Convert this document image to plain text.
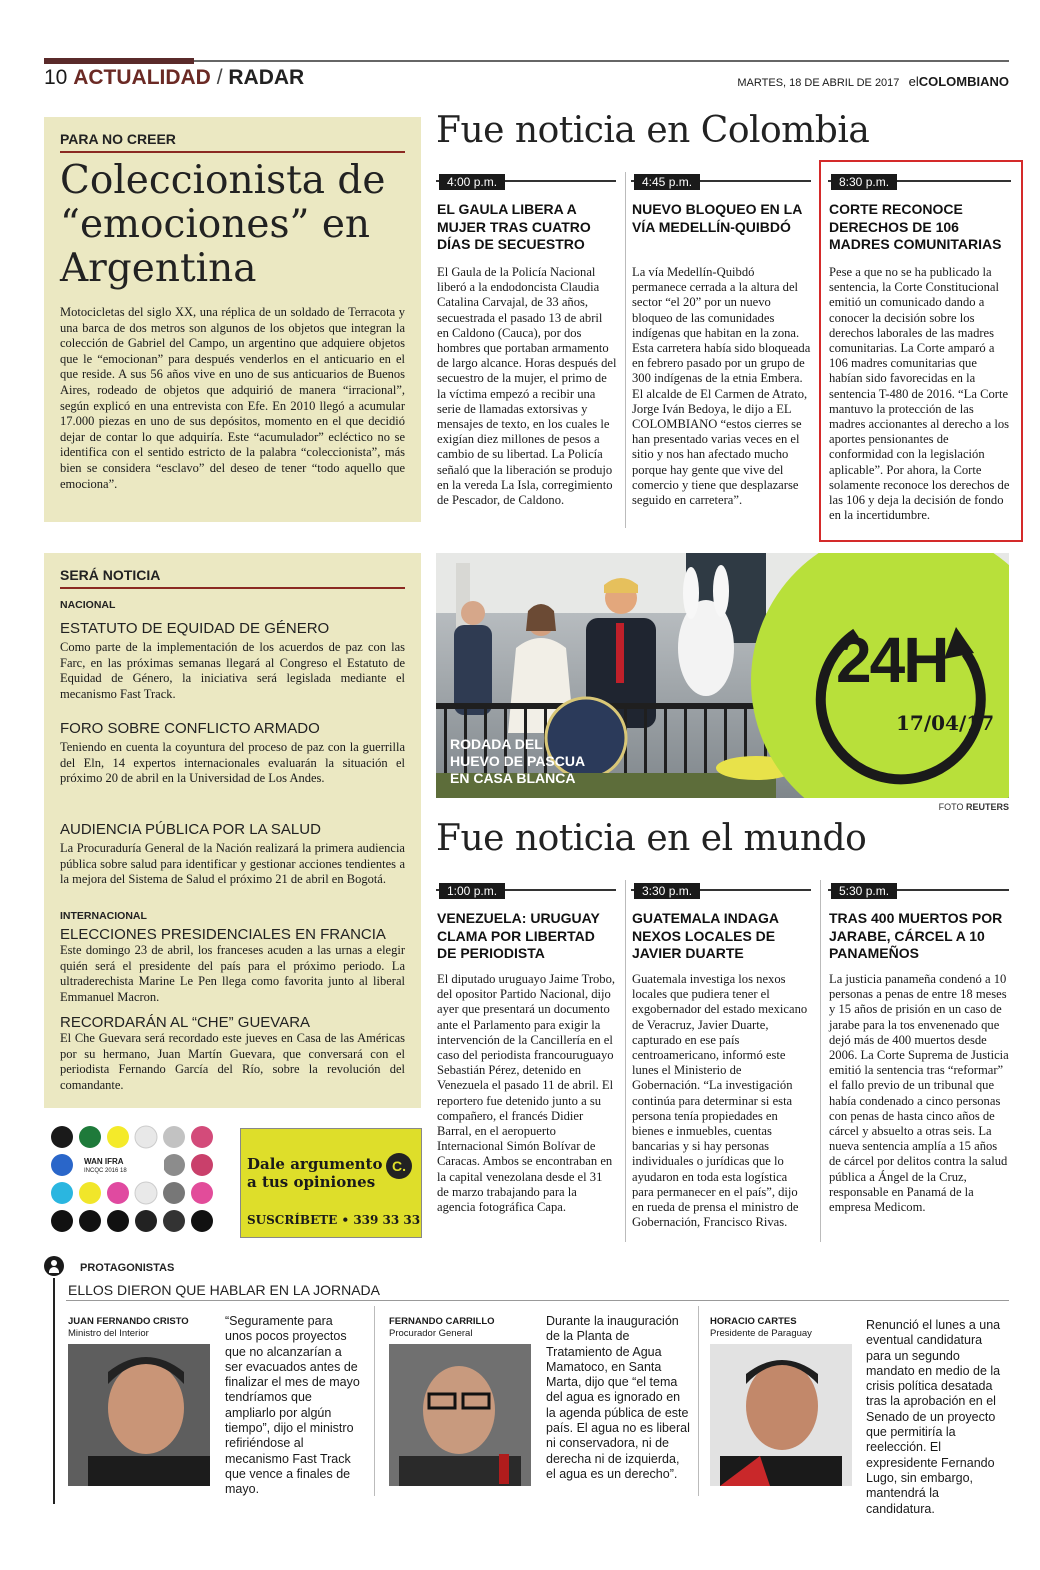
10 ACTUALIDAD / RADAR	MARTES, 18 DE ABRIL DE 2017 elCOLOMBIANO
PARA NO CREER
Coleccionista de
“emociones” en
Argentina
Motocicletas del siglo XX, una réplica de un soldado de Terracota y una barca de dos metros son algunos de los objetos que integran la colección de Gabriel del Campo, un argentino que adquiere objetos que le “emocionan” para después venderlos en el anticuario en el que reside. A sus 56 años vive en uno de sus anticuarios de Buenos Aires, rodeado de objetos que adquirió de manera “irracional”, según explicó en una entrevista con Efe. En 2010 llegó a acumular 17.000 piezas en uno de sus depósitos, momento en el que decidió dejar de contar lo que adquiría. Este “acumulador” ecléctico no se identifica con el sentido estricto de la palabra “coleccionista”, más bien se considera “esclavo” del deseo de tener “todo aquello que emociona”.
SERÁ NOTICIA
NACIONAL
ESTATUTO DE EQUIDAD DE GÉNERO
Como parte de la implementación de los acuerdos de paz con las Farc, en las próximas semanas llegará al Congreso el Estatuto de Equidad de Género, la iniciativa será legislada mediante el mecanismo Fast Track.
FORO SOBRE CONFLICTO ARMADO
Teniendo en cuenta la coyuntura del proceso de paz con la guerrilla del Eln, 14 expertos internacionales evaluarán la situación el próximo 20 de abril en la Universidad de Los Andes.
AUDIENCIA PÚBLICA POR LA SALUD
La Procuraduría General de la Nación realizará la primera audiencia pública sobre salud para identificar y gestionar acciones tendientes a la mejora del Sistema de Salud el próximo 21 de abril en Bogotá.
INTERNACIONAL
ELECCIONES PRESIDENCIALES EN FRANCIA
Este domingo 23 de abril, los franceses acuden a las urnas a elegir quién será el presidente del país para el próximo periodo. La ultraderechista Marine Le Pen llega como favorita junto al liberal Emmanuel Macron.
RECORDARÁN AL “CHE” GUEVARA
El Che Guevara será recordado este jueves en Casa de las Américas por su hermano, Juan Martín Guevara, que conversará con el periodista Fernando García del Río, sobre la revolución del comandante.
WAN IFRA
INCQC 2016 18	Dale argumento
a tus opiniones
C.
SUSCRÍBETE • 339 33 33
Fue noticia en Colombia
4:00 p.m.
EL GAULA LIBERA A MUJER TRAS CUATRO DÍAS DE SECUESTRO
El Gaula de la Policía Nacional liberó a la endodoncista Claudia Catalina Carvajal, de 33 años, secuestrada el pasado 13 de abril en Caldono (Cauca), por dos hombres que portaban armamento de largo alcance. Horas después del secuestro de la mujer, el primo de la víctima empezó a recibir una serie de llamadas extorsivas y mensajes de texto, en los cuales le exigían diez millones de pesos a cambio de su libertad. La Policía señaló que la liberación se produjo en la vereda La Isla, corregimiento de Pescador, de Caldono.
4:45 p.m.
NUEVO BLOQUEO EN LA VÍA MEDELLÍN-QUIBDÓ
La vía Medellín-Quibdó permanece cerrada a la altura del sector “el 20” por un nuevo bloqueo de las comunidades indígenas que habitan en la zona. Esta carretera había sido bloqueada en febrero pasado por un grupo de 300 indígenas de la etnia Embera. El alcalde de El Carmen de Atrato, Jorge Iván Bedoya, le dijo a EL COLOMBIANO “estos cierres se han presentado varias veces en el sitio y nos han afectado mucho porque hay gente que vive del comercio y tiene que desplazarse seguido en carretera”.
8:30 p.m.
CORTE RECONOCE DERECHOS DE 106 MADRES COMUNITARIAS
Pese a que no se ha publicado la sentencia, la Corte Constitucional emitió un comunicado dando a conocer la decisión sobre los derechos laborales de las madres comunitarias. La Corte amparó a 106 madres comunitarias que habían sido favorecidas en la sentencia T-480 de 2016. “La Corte mantuvo la protección de las madres accionantes al derecho a los aportes pensionantes de conformidad con la legislación aplicable”. Por ahora, la Corte solamente reconoce los derechos de las 106 y deja la decisión de fondo en la incertidumbre.
24H
17/04/17
RODADA DEL
HUEVO DE PASCUA
EN CASA BLANCA
FOTO REUTERS
Fue noticia en el mundo
1:00 p.m.
VENEZUELA: URUGUAY CLAMA POR LIBERTAD DE PERIODISTA
El diputado uruguayo Jaime Trobo, del opositor Partido Nacional, dijo ayer que presentará un documento ante el Parlamento para exigir la intervención de la Cancillería en el caso del periodista francouruguayo Sebastián Pérez, detenido en Venezuela el pasado 11 de abril. El reportero fue detenido junto a su compañero, el francés Didier Barral, en el aeropuerto Internacional Simón Bolívar de Caracas. Ambos se encontraban en la capital venezolana desde el 31 de marzo trabajando para la agencia fotográfica Capa.
3:30 p.m.
GUATEMALA INDAGA NEXOS LOCALES DE JAVIER DUARTE
Guatemala investiga los nexos locales que pudiera tener el exgobernador del estado mexicano de Veracruz, Javier Duarte, capturado en ese país centroamericano, informó este lunes el Ministerio de Gobernación. “La investigación continúa para determinar si esta persona tenía propiedades en bienes e inmuebles, cuentas bancarias y si hay personas individuales o jurídicas que lo ayudaron en toda esta logística para permanecer en el país”, dijo en rueda de prensa el ministro de Gobernación, Francisco Rivas.
5:30 p.m.
TRAS 400 MUERTOS POR JARABE, CÁRCEL A 10 PANAMEÑOS
La justicia panameña condenó a 10 personas a penas de entre 18 meses y 15 años de prisión en un caso de jarabe para la tos envenenado que dejó más de 400 muertos desde 2006. La Corte Suprema de Justicia emitió la sentencia tras “reformar” el fallo previo de un tribunal que había condenado a cinco personas con penas de hasta cinco años de cárcel y absuelto a otras seis. La nueva sentencia amplía a 15 años de cárcel por delitos contra la salud pública a Ángel de la Cruz, responsable en Panamá de la empresa Medicom.
PROTAGONISTAS
ELLOS DIERON QUE HABLAR EN LA JORNADA
JUAN FERNANDO CRISTO
Ministro del Interior
“Seguramente para unos pocos proyectos que no alcanzarían a ser evacuados antes de finalizar el mes de mayo tendríamos que ampliarlo por algún tiempo”, dijo el ministro refiriéndose al mecanismo Fast Track que vence a finales de mayo.
FERNANDO CARRILLO
Procurador General
Durante la inauguración de la Planta de Tratamiento de Agua Mamatoco, en Santa Marta, dijo que “el tema del agua es ignorado en la agenda pública de este país. El agua no es liberal ni conservadora, ni de derecha ni de izquierda, el agua es un derecho”.
HORACIO CARTES
Presidente de Paraguay
Renunció el lunes a una eventual candidatura para un segundo mandato en medio de la crisis política desatada tras la aprobación en el Senado de un proyecto que permitiría la reelección. El expresidente Fernando Lugo, sin embargo, mantendrá la candidatura.
